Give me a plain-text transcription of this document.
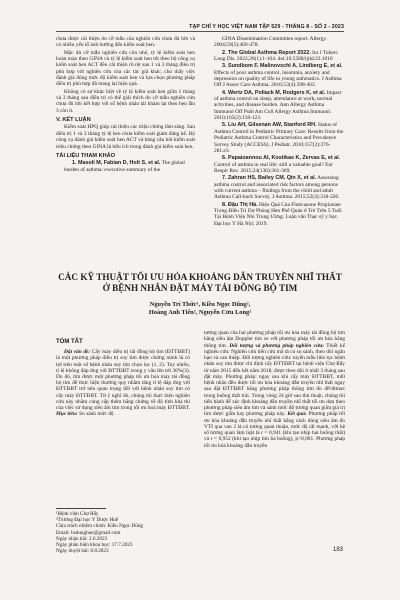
TẠP CHÍ Y HỌC VIỆT NAM TẬP 529 - THÁNG 8 - SỐ 2 - 2023

chưa được cải thiện do cỡ mẫu của nghiên cứu chưa đủ lớn và có nhiều yếu tố ảnh hưởng đến kiểm soát hen.

Mặc dù cỡ mẫu nghiên cứu còn nhỏ, tỷ lệ kiểm soát hen hoàn toàn theo GINA và tỷ lệ kiểm soát hen tốt theo bộ công cụ kiểm soát hen ACT đều cải thiện rõ rệt sau 1 và 3 tháng điều trị phù hợp với nghiên cứu của các tác giả khác, cho thấy việc đánh giá đúng mức độ kiểm soát hen và lựa chọn phương pháp điều trị phù hợp đã mang lại hiệu quả.

Không có sự khác biệt về tỷ lệ kiểm soát hen giữa 1 tháng và 3 tháng sau điều trị có thể giải thích do cỡ mẫu nghiên cứu chưa đủ lớn kết hợp với số bệnh nhân tái khám lại theo hẹn lần 3 còn ít.

V. KẾT LUẬN

Kiểm soát HPQ giúp cải thiện các triệu chứng lâm sàng. Sau điều trị 1 và 3 tháng tỷ lệ hen chưa kiểm soát giảm đáng kể. Bộ công cụ đánh giá kiểm soát hen ACT và bảng câu hỏi kiểm soát triệu chứng theo GINA là hữu ích trong đánh giá kiểm soát hen.

TÀI LIỆU THAM KHẢO

1. Masoli M, Fabian D, Holt S, et al. The global burden of asthma: executive summary of the

GINA Dissemination Committee report. Allergy. 2004;59(5):469-478.

2. The Global Asthma Report 2022. Int J Tuberc Lung Dis. 2022;26(1):1-104. doi:10.5588/ijtld.22.1010

3. Sundbom F, Malinovschi A, Lindberg E, et al. Effects of poor asthma control, insomnia, anxiety and depression on quality of life in young asthmatics. J Asthma Off J Assoc Care Asthma. 2016;53(4):398-403.

4. Wertz DA, Pollack M, Rodgers K, et al. Impact of asthma control on sleep, attendance at work, normal activities, and disease burden. Ann Allergy Asthma Immunol Off Publ Am Coll Allergy Asthma Immunol. 2010;105(2):118-123.

5. Liu AH, Gilsenan AW, Stanford RH. Status of Asthma Control in Pediatric Primary Care: Results from the Pediatric Asthma Control Characteristics and Prevalence Survey Study (ACCESS). J Pediatr. 2010;157(2):276-281.e3.

6. Papaioannou AI, Kostikas K, Zervas E, et al. Control of asthma in real life: still a valuable goal? Eur Respir Rev. 2015;24(136):361-369.

7. Zahran HS, Bailey CM, Qin X, et al. Assessing asthma control and associated risk factors among persons with current asthma – findings from the child and adult Asthma Call-back Survey. J Asthma. 2015;52(3):318-326.

8. Đậu Thị Hà. Hiệu Quả Của Fluticasone Propionate Trong Điều Trị Dự Phòng Hen Phế Quản ở Trẻ Trên 5 Tuổi Tại Bệnh Viện Nhi Trung Ương. Luận văn Thạc sỹ y học. Đại học Y Hà Nội; 2019.

CÁC KỸ THUẬT TỐI ƯU HÓA KHOẢNG DẪN TRUYỀN NHĨ THẤT Ở BỆNH NHÂN ĐẶT MÁY TÁI ĐỒNG BỘ TIM
Nguyễn Trí Thức¹, Kiều Ngọc Dũng²,
Hoàng Anh Tiến², Nguyễn Cửu Long²
TÓM TẮT

Đặt vấn đề: Cấy máy điều trị tái đồng bộ tim (ĐTTĐBT) là một phương pháp điều trị suy tim được chứng minh là có lợi trên một số bệnh nhân suy tim chọn lọc (1, 2). Tuy nhiên, tỉ lệ không đáp ứng với ĐTTĐBT trong y văn lên tới 30%(3). Do đó, tìm được một phương pháp tối ưu hoá máy tái đồng bộ tim để thực hiện thường quy nhằm tăng tỉ lệ đáp ứng với ĐTTĐBT trở nên quan trọng đối với bệnh nhân suy tim có cấy máy ĐTTĐBT. Từ ý nghĩ đó, chúng tôi thực hiện nghiên cứu này nhằm cung cấp thêm bằng chứng về độ tính khả thi của việc sử dụng siêu âm tim trong tối ưu hoá máy ĐTTĐBT. Mục tiêu: So sánh mức độ

tương quan của hai phương pháp tối ưu hóa máy tái đồng bộ tim bằng siêu âm Doppler tim so với phương pháp tối ưu hóa bằng thông tim. Đối tượng và phương pháp nghiên cứu: Thiết kế nghiên cứu: Nghiên cứu tiến cứu mô tả có so sánh, theo dõi ngắn hạn và can thiệp. Đối tượng nghiên cứu: tuyển mẫu liên tục bệnh nhân suy tim được chỉ định cấy ĐTTĐBT tại bệnh viện Chợ Rẫy từ năm 2015 đến hết năm 2018, được theo dõi ít nhất 3 tháng sau đặt máy. Phương pháp: ngay sau khi cấy máy ĐTTĐBT, mỗi bệnh nhân đều được tối ưu hóa khoảng dẫn truyền nhĩ thất ngay sau đặt ĐTTĐBT bằng phương pháp thông tim đo dP/dtmax trong buồng thất trái. Trong vòng 24 giờ sau thủ thuật, chúng tôi tiến hành để xác định khoảng dẫn truyền nhĩ thất tối ưu dựa theo phương pháp siêu âm tim và sánh mức độ tương quan giữa giá trị tìm được giữa hay phương pháp này. Kết quả: Phương pháp tối ưu hóa khoảng dẫn truyền nhĩ thất bằng cách dùng siêu âm đo VTI qua van 2 lá có tương quan thuận, mức độ rất mạnh, với hệ số tương quan làm luật là r = 0,941 (khi tạo nhịp hai buồng thất) và r = 0,952 (khi tạo nhịp tim ba buồng), p<0,001. Phương pháp tối ưu hóa khoảng dẫn truyền

¹Bệnh viện Chợ Rẫy
²Trường Đại học Y Dược Huế
Chịu trách nhiệm chính: Kiều Ngọc Dũng
Email: bsdunghue@gmail.com
Ngày nhận bài: 2.6.2023
Ngày phản biện khoa học: 17.7.2023
Ngày duyệt bài: 8.8.2023	183
